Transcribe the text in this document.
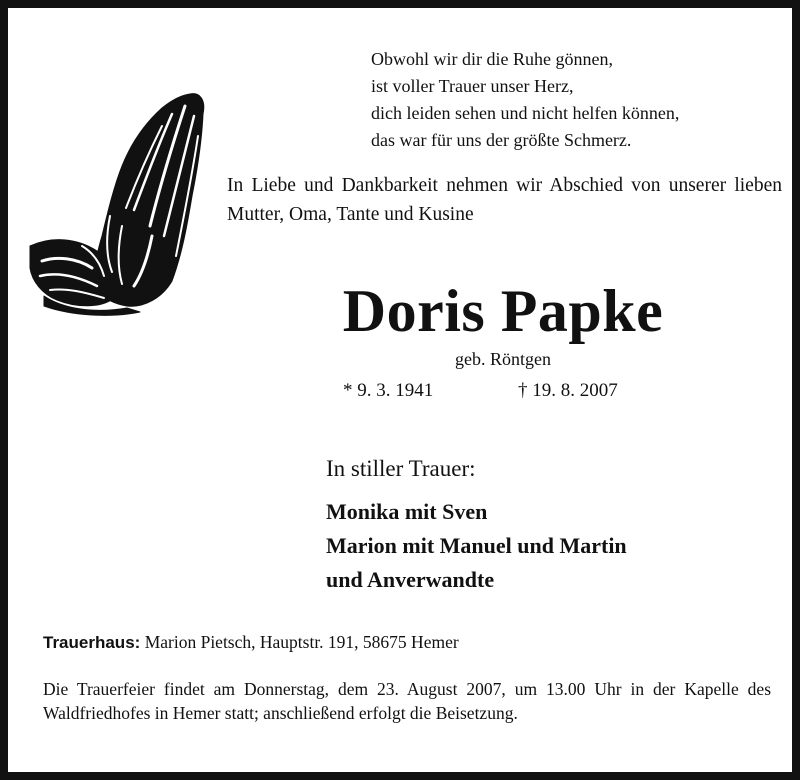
Obwohl wir dir die Ruhe gönnen,
ist voller Trauer unser Herz,
dich leiden sehen und nicht helfen können,
das war für uns der größte Schmerz.
In Liebe und Dankbarkeit nehmen wir Abschied von unserer lieben Mutter, Oma, Tante und Kusine
Doris Papke
geb. Röntgen
* 9. 3. 1941	† 19. 8. 2007
In stiller Trauer:
Monika mit Sven
Marion mit Manuel und Martin
und Anverwandte
Trauerhaus: Marion Pietsch, Hauptstr. 191, 58675 Hemer
Die Trauerfeier findet am Donnerstag, dem 23. August 2007, um 13.00 Uhr in der Kapelle des Waldfriedhofes in Hemer statt; anschließend erfolgt die Beisetzung.
